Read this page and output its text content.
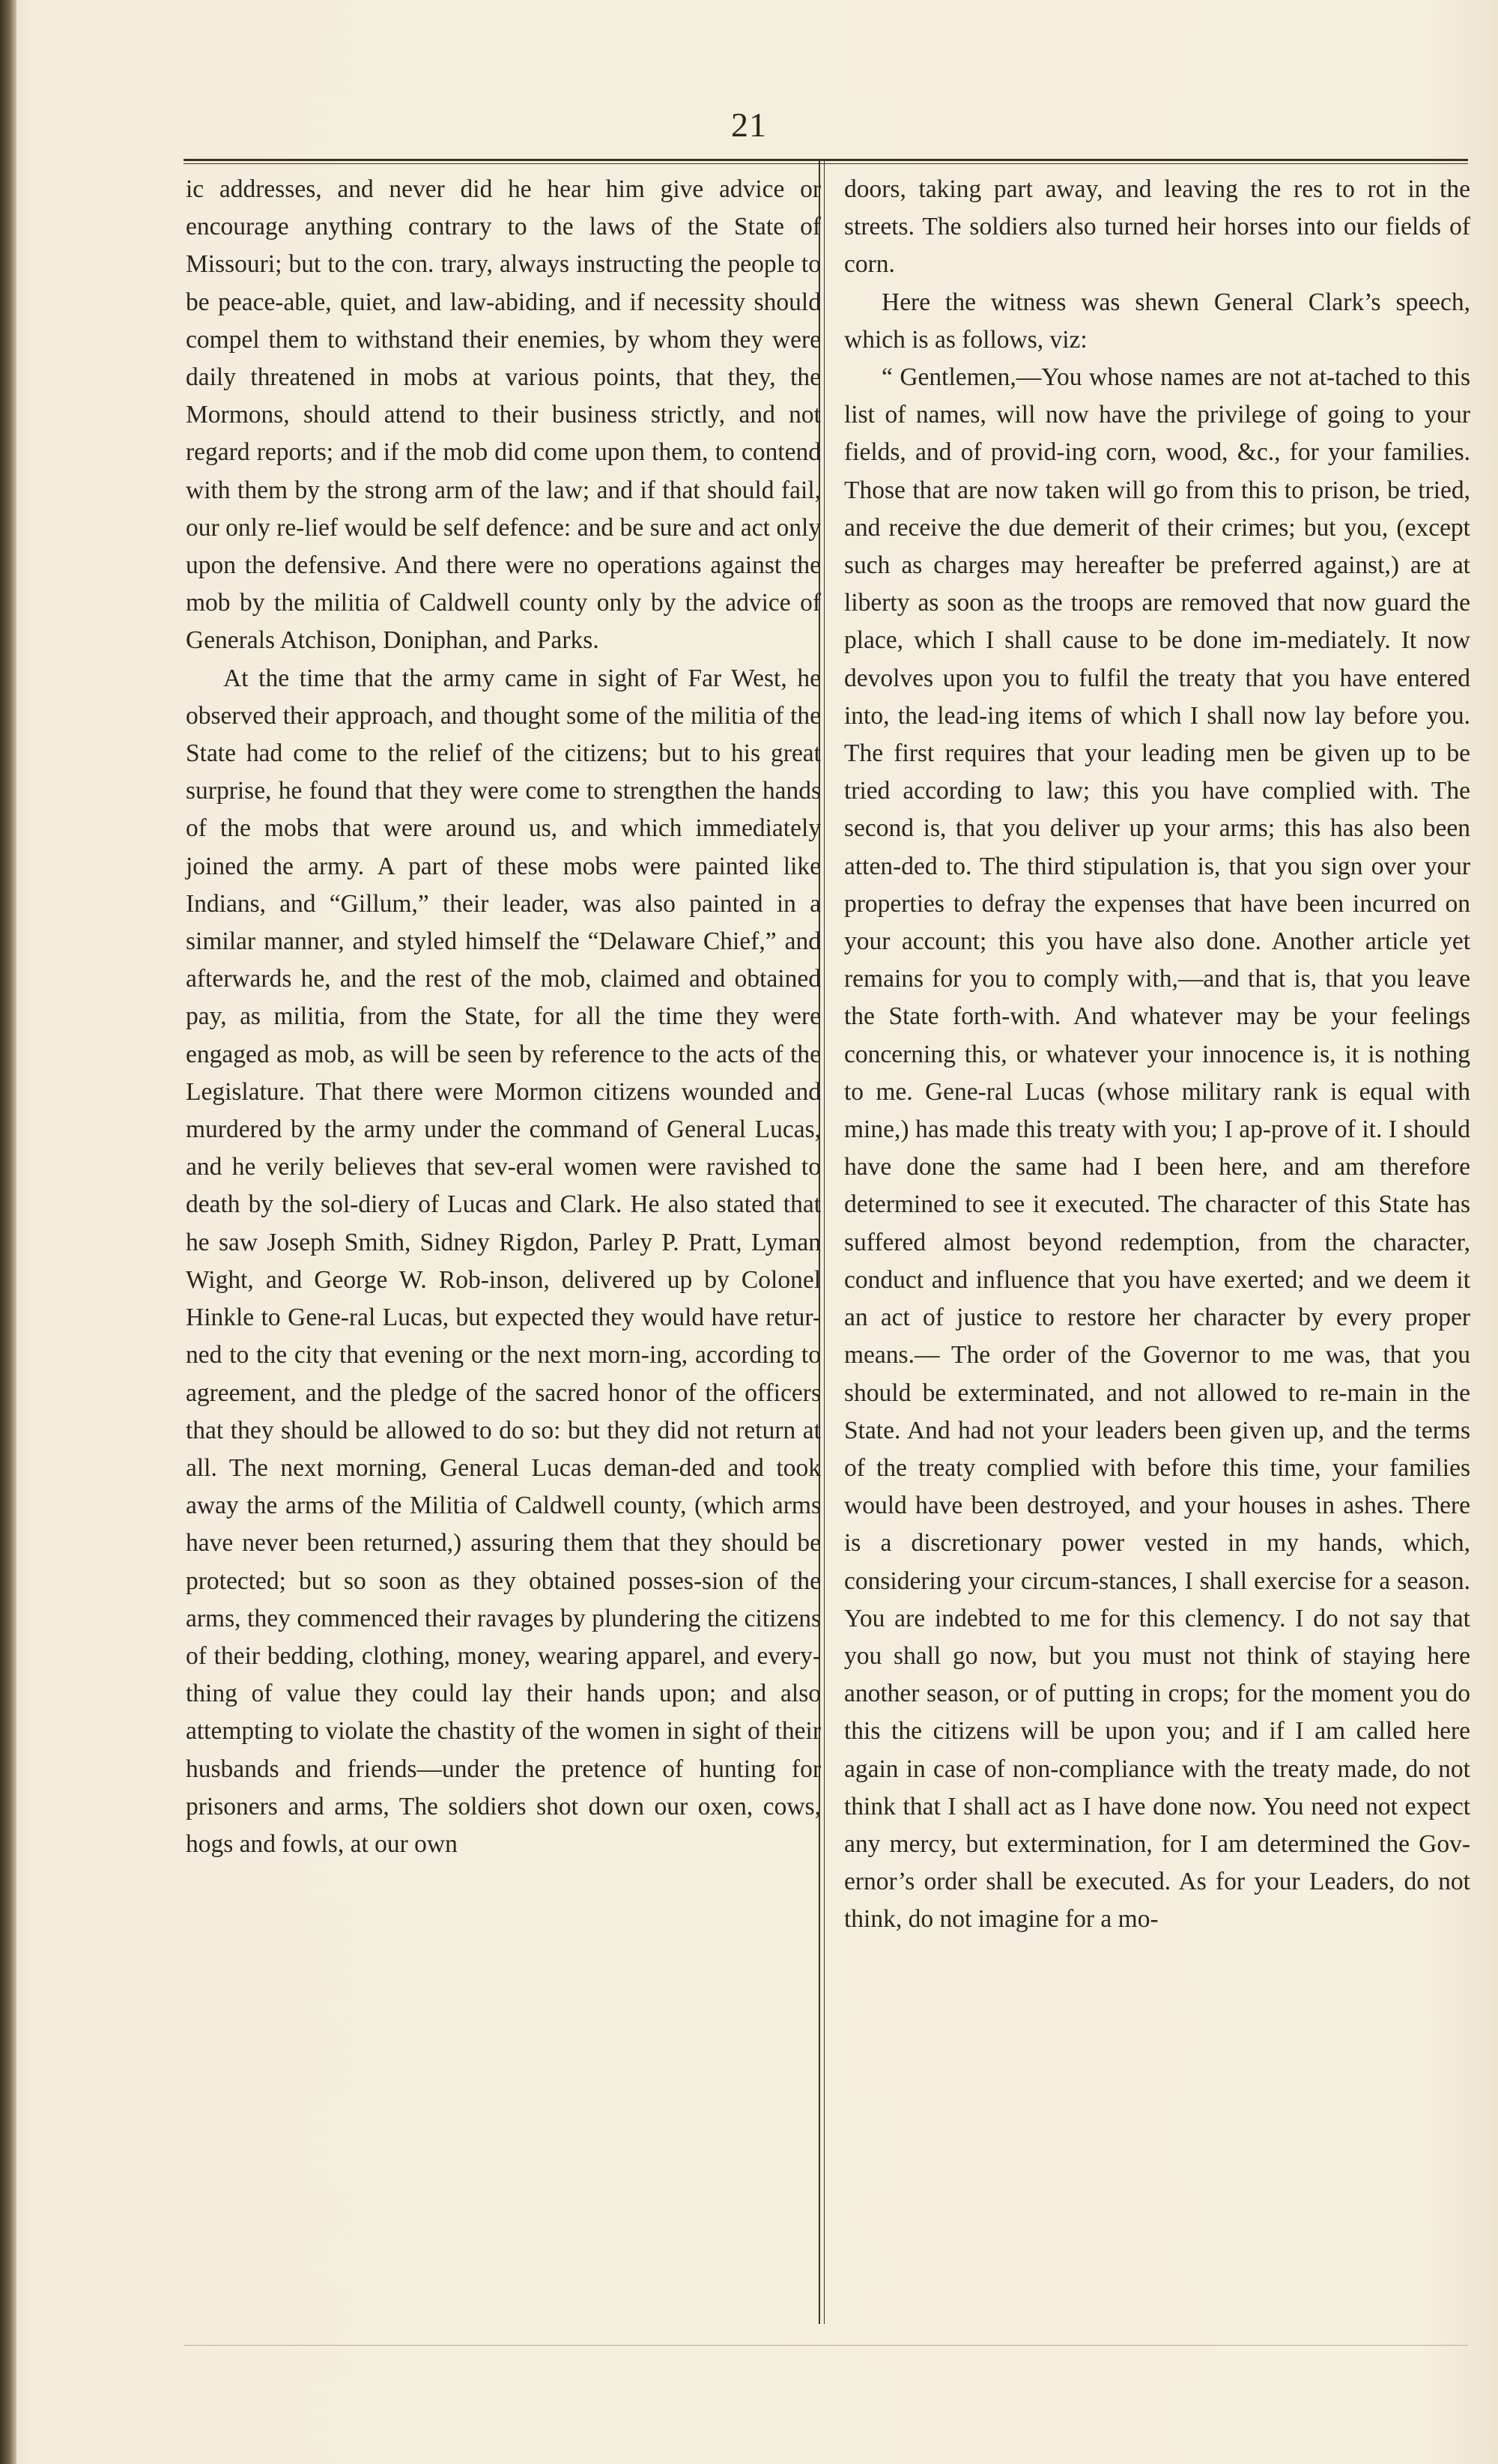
21

ic addresses, and never did he hear him give advice or encourage anything contrary to the laws of the State of Missouri; but to the con. trary, always instructing the people to be peace-able, quiet, and law-abiding, and if necessity should compel them to withstand their enemies, by whom they were daily threatened in mobs at various points, that they, the Mormons, should attend to their business strictly, and not regard reports; and if the mob did come upon them, to contend with them by the strong arm of the law; and if that should fail, our only re-lief would be self defence: and be sure and act only upon the defensive. And there were no operations against the mob by the militia of Caldwell county only by the advice of Generals Atchison, Doniphan, and Parks.

At the time that the army came in sight of Far West, he observed their approach, and thought some of the militia of the State had come to the relief of the citizens; but to his great surprise, he found that they were come to strengthen the hands of the mobs that were around us, and which immediately joined the army. A part of these mobs were painted like Indians, and “Gillum,” their leader, was also painted in a similar manner, and styled himself the “Delaware Chief,” and afterwards he, and the rest of the mob, claimed and obtained pay, as militia, from the State, for all the time they were engaged as mob, as will be seen by reference to the acts of the Legislature. That there were Mormon citizens wounded and murdered by the army under the command of General Lucas, and he verily believes that sev-eral women were ravished to death by the sol-diery of Lucas and Clark. He also stated that he saw Joseph Smith, Sidney Rigdon, Parley P. Pratt, Lyman Wight, and George W. Rob-inson, delivered up by Colonel Hinkle to Gene-ral Lucas, but expected they would have retur-ned to the city that evening or the next morn-ing, according to agreement, and the pledge of the sacred honor of the officers that they should be allowed to do so: but they did not return at all. The next morning, General Lucas deman-ded and took away the arms of the Militia of Caldwell county, (which arms have never been returned,) assuring them that they should be protected; but so soon as they obtained posses-sion of the arms, they commenced their ravages by plundering the citizens of their bedding, clothing, money, wearing apparel, and every-thing of value they could lay their hands upon; and also attempting to violate the chastity of the women in sight of their husbands and friends—under the pretence of hunting for prisoners and arms, The soldiers shot down our oxen, cows, hogs and fowls, at our own

doors, taking part away, and leaving the res to rot in the streets. The soldiers also turned heir horses into our fields of corn.

Here the witness was shewn General Clark’s speech, which is as follows, viz:

“ Gentlemen,—You whose names are not at-tached to this list of names, will now have the privilege of going to your fields, and of provid-ing corn, wood, &c., for your families. Those that are now taken will go from this to prison, be tried, and receive the due demerit of their crimes; but you, (except such as charges may hereafter be preferred against,) are at liberty as soon as the troops are removed that now guard the place, which I shall cause to be done im-mediately. It now devolves upon you to fulfil the treaty that you have entered into, the lead-ing items of which I shall now lay before you. The first requires that your leading men be given up to be tried according to law; this you have complied with. The second is, that you deliver up your arms; this has also been atten-ded to. The third stipulation is, that you sign over your properties to defray the expenses that have been incurred on your account; this you have also done. Another article yet remains for you to comply with,—and that is, that you leave the State forth-with. And whatever may be your feelings concerning this, or whatever your innocence is, it is nothing to me. Gene-ral Lucas (whose military rank is equal with mine,) has made this treaty with you; I ap-prove of it. I should have done the same had I been here, and am therefore determined to see it executed. The character of this State has suffered almost beyond redemption, from the character, conduct and influence that you have exerted; and we deem it an act of justice to restore her character by every proper means.— The order of the Governor to me was, that you should be exterminated, and not allowed to re-main in the State. And had not your leaders been given up, and the terms of the treaty complied with before this time, your families would have been destroyed, and your houses in ashes. There is a discretionary power vested in my hands, which, considering your circum-stances, I shall exercise for a season. You are indebted to me for this clemency. I do not say that you shall go now, but you must not think of staying here another season, or of putting in crops; for the moment you do this the citizens will be upon you; and if I am called here again in case of non-compliance with the treaty made, do not think that I shall act as I have done now. You need not expect any mercy, but extermination, for I am determined the Gov-ernor’s order shall be executed. As for your Leaders, do not think, do not imagine for a mo-
